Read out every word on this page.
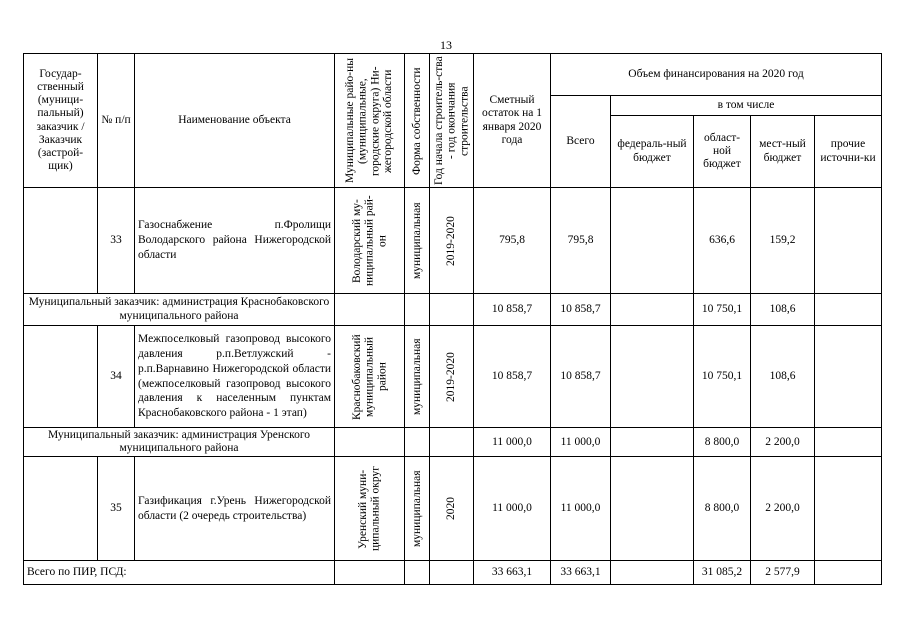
13
Государ-ственный (муници-пальный) заказчик / Заказчик (застрой-щик)	№ п/п	Наименование объекта	Муниципальные райо-ны (муниципальные, городские округа) Ни-жегородской области	Форма собственности	Год начала строитель-ства - год окончания строительства	Сметный остаток на 1 января 2020 года	Объем финансирования на 2020 год				
							Всего	в том числе			
								федераль-ный бюджет	област-ной бюджет	мест-ный бюджет	прочие источни-ки
	33	Газоснабжение п.Фролищи Володарского района Нижегородской области	Володарский му-ниципальный рай-он	муниципальная	2019-2020	795,8	795,8		636,6	159,2	
Муниципальный заказчик: администрация Краснобаковского муниципального района						10 858,7	10 858,7		10 750,1	108,6	
	34	Межпоселковый газопровод высокого давления р.п.Ветлужский - р.п.Варнавино Нижегородской области (межпоселковый газопровод высокого давления к населенным пунктам Краснобаковского района - 1 этап)	Краснобаковский муниципальный район	муниципальная	2019-2020	10 858,7	10 858,7		10 750,1	108,6	
Муниципальный заказчик: администрация Уренского муниципального района						11 000,0	11 000,0		8 800,0	2 200,0	
	35	Газификация г.Урень Нижегородской области (2 очередь строительства)	Уренский муни-ципальный округ	муниципальная	2020	11 000,0	11 000,0		8 800,0	2 200,0	
Всего по ПИР, ПСД:						33 663,1	33 663,1		31 085,2	2 577,9	
